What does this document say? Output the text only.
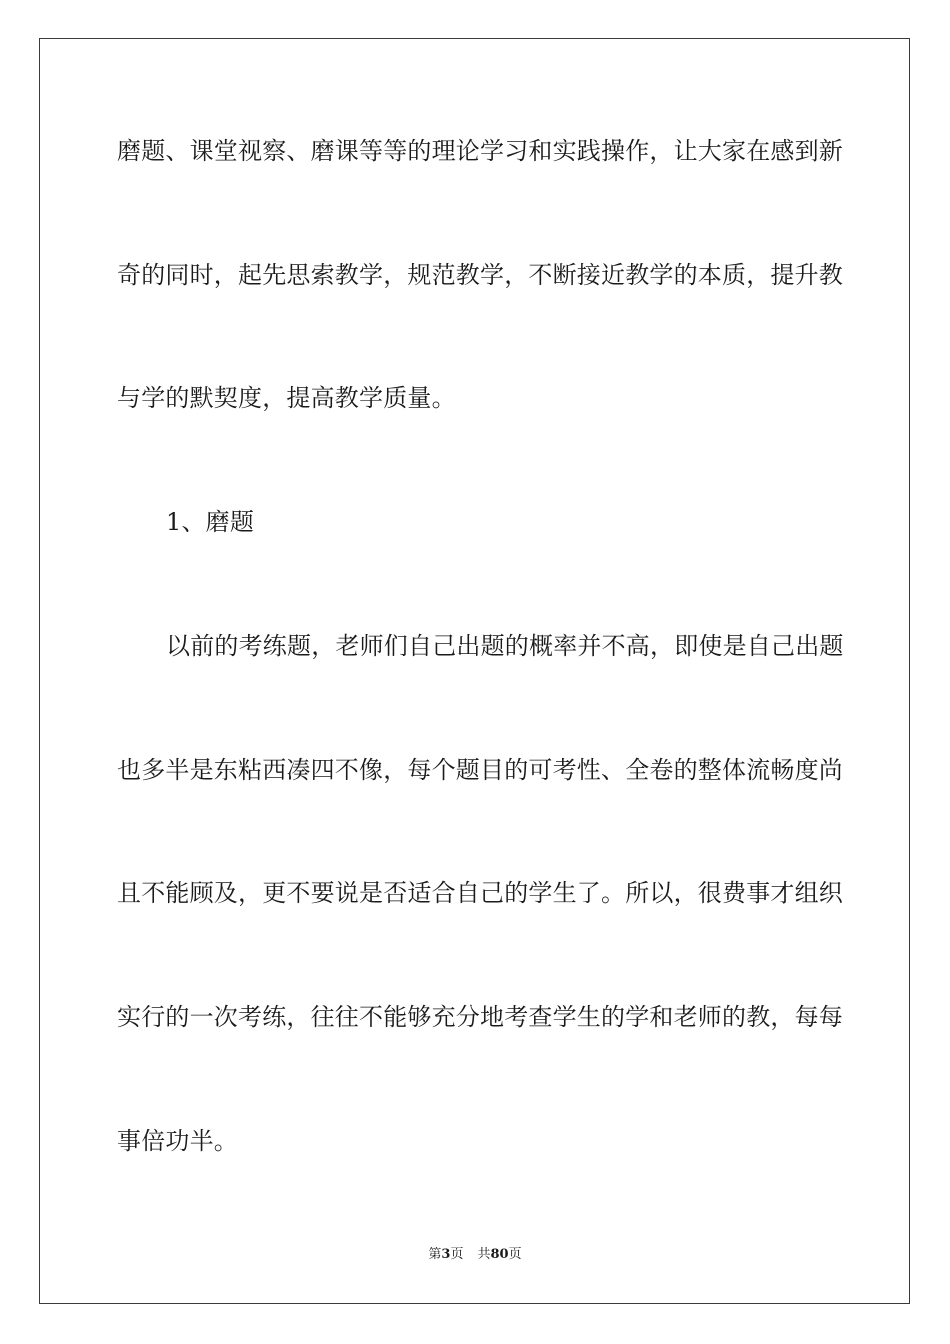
磨题、课堂视察、磨课等等的理论学习和实践操作，让大家在感到新
奇的同时，起先思索教学，规范教学，不断接近教学的本质，提升教
与学的默契度，提高教学质量。
1、磨题
以前的考练题，老师们自己出题的概率并不高，即使是自己出题
也多半是东粘西凑四不像，每个题目的可考性、全卷的整体流畅度尚
且不能顾及，更不要说是否适合自己的学生了。所以，很费事才组织
实行的一次考练，往往不能够充分地考查学生的学和老师的教，每每
事倍功半。
第3页 共80页
